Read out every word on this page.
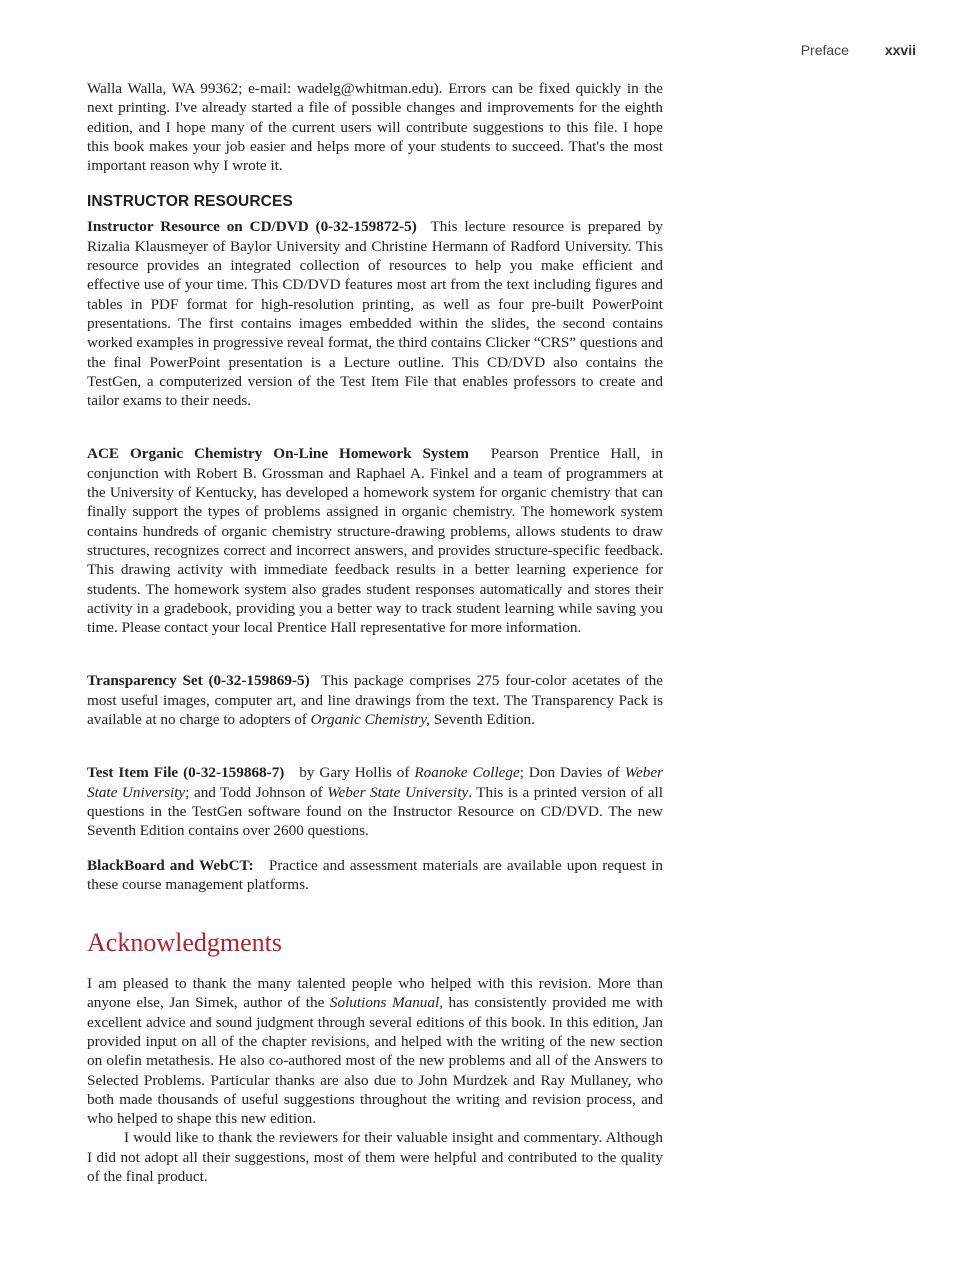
Preface	xxvii

Walla Walla, WA 99362; e-mail: wadelg@whitman.edu). Errors can be fixed quickly in the next printing. I've already started a file of possible changes and improvements for the eighth edition, and I hope many of the current users will contribute suggestions to this file. I hope this book makes your job easier and helps more of your students to succeed. That's the most important reason why I wrote it.

INSTRUCTOR RESOURCES

Instructor Resource on CD/DVD (0-32-159872-5) This lecture resource is prepared by Rizalia Klausmeyer of Baylor University and Christine Hermann of Radford University. This resource provides an integrated collection of resources to help you make efficient and effective use of your time. This CD/DVD features most art from the text including figures and tables in PDF format for high-resolution printing, as well as four pre-built PowerPoint presentations. The first contains images embedded within the slides, the second contains worked examples in progressive reveal format, the third contains Clicker “CRS” questions and the final PowerPoint presentation is a Lecture outline. This CD/DVD also contains the TestGen, a computerized version of the Test Item File that enables professors to create and tailor exams to their needs.

ACE Organic Chemistry On-Line Homework System Pearson Prentice Hall, in conjunction with Robert B. Grossman and Raphael A. Finkel and a team of programmers at the University of Kentucky, has developed a homework system for organic chemistry that can finally support the types of problems assigned in organic chemistry. The homework system contains hundreds of organic chemistry structure-drawing problems, allows students to draw structures, recognizes correct and incorrect answers, and provides structure-specific feedback. This drawing activity with immediate feedback results in a better learning experience for students. The homework system also grades student responses automatically and stores their activity in a gradebook, providing you a better way to track student learning while saving you time. Please contact your local Prentice Hall representative for more information.

Transparency Set (0-32-159869-5) This package comprises 275 four-color acetates of the most useful images, computer art, and line drawings from the text. The Transparency Pack is available at no charge to adopters of Organic Chemistry, Seventh Edition.

Test Item File (0-32-159868-7) by Gary Hollis of Roanoke College; Don Davies of Weber State University; and Todd Johnson of Weber State University. This is a printed version of all questions in the TestGen software found on the Instructor Resource on CD/DVD. The new Seventh Edition contains over 2600 questions.

BlackBoard and WebCT: Practice and assessment materials are available upon request in these course management platforms.

Acknowledgments

I am pleased to thank the many talented people who helped with this revision. More than anyone else, Jan Simek, author of the Solutions Manual, has consistently provided me with excellent advice and sound judgment through several editions of this book. In this edition, Jan provided input on all of the chapter revisions, and helped with the writing of the new section on olefin metathesis. He also co-authored most of the new problems and all of the Answers to Selected Problems. Particular thanks are also due to John Murdzek and Ray Mullaney, who both made thousands of useful suggestions throughout the writing and revision process, and who helped to shape this new edition.

I would like to thank the reviewers for their valuable insight and commentary. Although I did not adopt all their suggestions, most of them were helpful and contributed to the quality of the final product.
